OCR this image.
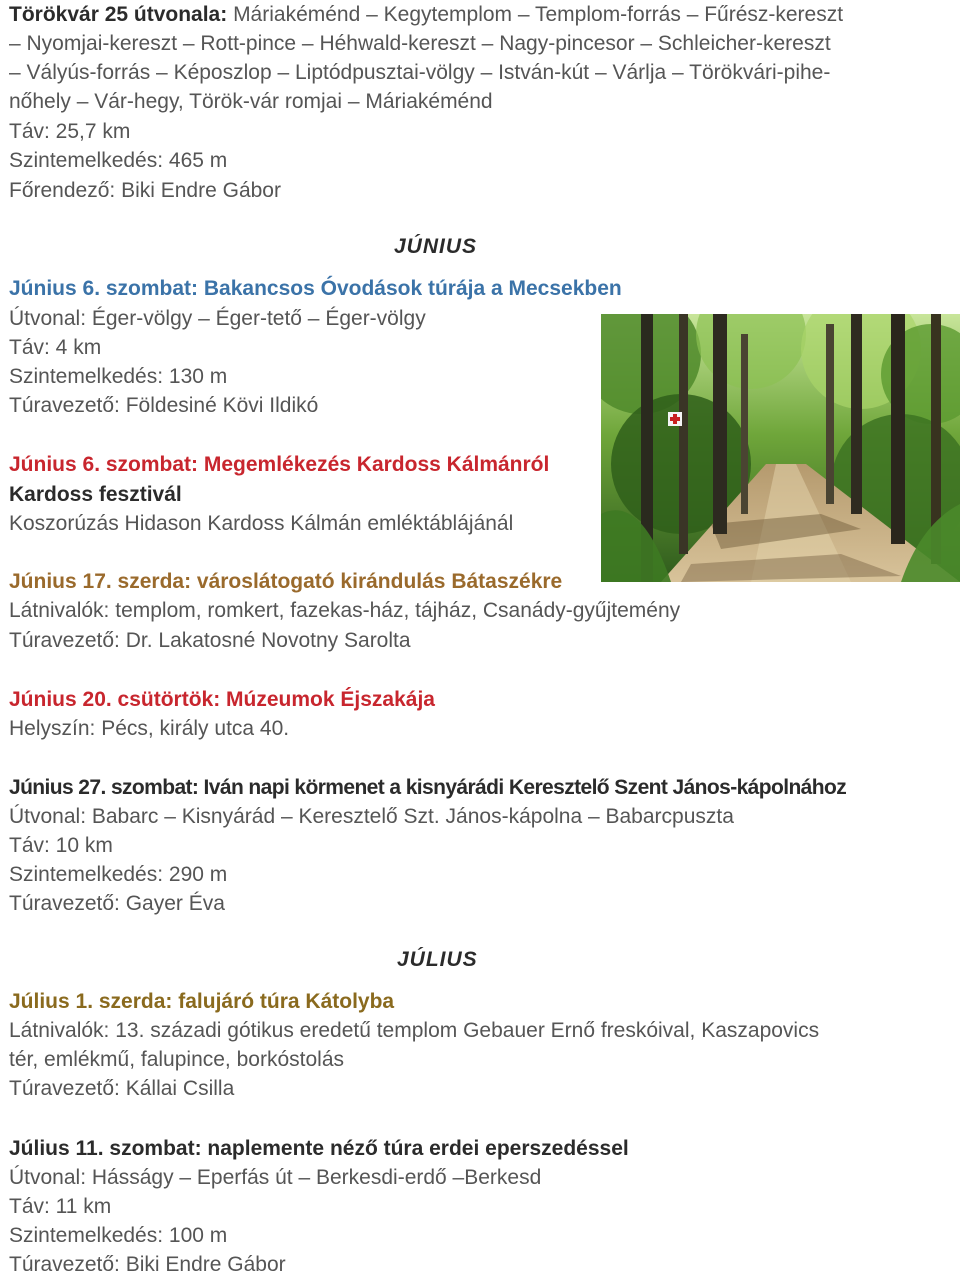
Törökvár 25 útvonala: Máriakéménd – Kegytemplom – Templom-forrás – Fűrész-kereszt
– Nyomjai-kereszt – Rott-pince – Héhwald-kereszt – Nagy-pincesor – Schleicher-kereszt
– Vályús-forrás – Képoszlop – Liptódpusztai-völgy – István-kút – Várlja – Törökvári-pihe-
nőhely – Vár-hegy, Török-vár romjai – Máriakéménd
Táv: 25,7 km
Szintemelkedés: 465 m
Főrendező: Biki Endre Gábor
JÚNIUS
Június 6. szombat: Bakancsos Óvodások túrája a Mecsekben
Útvonal: Éger-völgy – Éger-tető – Éger-völgy
Táv: 4 km
Szintemelkedés: 130 m
Túravezető: Földesiné Kövi Ildikó
Június 6. szombat: Megemlékezés Kardoss Kálmánról
Kardoss fesztivál
Koszorúzás Hidason Kardoss Kálmán emléktáblájánál
Június 17. szerda: városlátogató kirándulás Bátaszékre
Látnivalók: templom, romkert, fazekas-ház, tájház, Csanády-gyűjtemény
Túravezető: Dr. Lakatosné Novotny Sarolta
Június 20. csütörtök: Múzeumok Éjszakája
Helyszín: Pécs, király utca 40.
Június 27. szombat: Iván napi körmenet a kisnyárádi Keresztelő Szent János-kápolnához
Útvonal: Babarc – Kisnyárád – Keresztelő Szt. János-kápolna – Babarcpuszta
Táv: 10 km
Szintemelkedés: 290 m
Túravezető: Gayer Éva
JÚLIUS
Július 1. szerda: falujáró túra Kátolyba
Látnivalók: 13. századi gótikus eredetű templom Gebauer Ernő freskóival, Kaszapovics
tér, emlékmű, falupince, borkóstolás
Túravezető: Kállai Csilla
Július 11. szombat: naplemente néző túra erdei eperszedéssel
Útvonal: Hásságy – Eperfás út – Berkesdi-erdő –Berkesd
Táv: 11 km
Szintemelkedés: 100 m
Túravezető: Biki Endre Gábor
